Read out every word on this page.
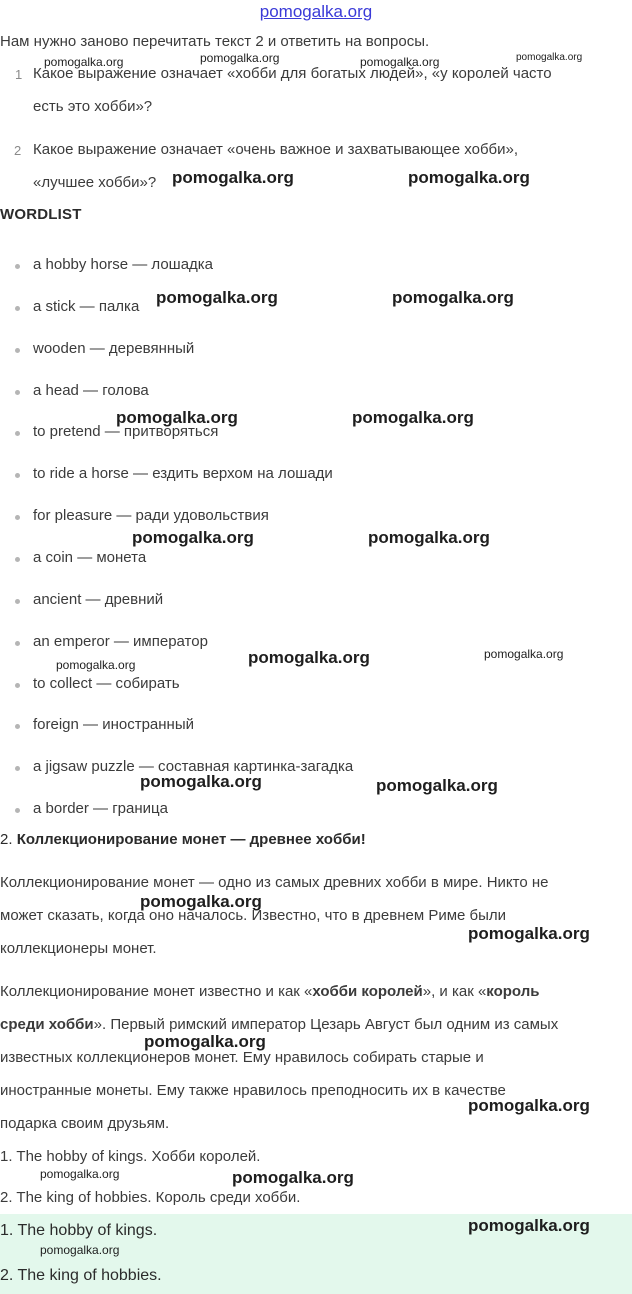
pomogalka.org
Нам нужно заново перечитать текст 2 и ответить на вопросы.
1 Какое выражение означает «хобби для богатых людей», «у королей часто
есть это хобби»?
2 Какое выражение означает «очень важное и захватывающее хобби»,
«лучшее хобби»?
WORDLIST
a hobby horse — лошадка
a stick — палка
wooden — деревянный
a head — голова
to pretend — притворяться
to ride a horse — ездить верхом на лошади
for pleasure — ради удовольствия
a coin — монета
ancient — древний
an emperor — император
to collect — собирать
foreign — иностранный
a jigsaw puzzle — составная картинка-загадка
a border — граница
2. Коллекционирование монет — древнее хобби!
Коллекционирование монет — одно из самых древних хобби в мире. Никто не
может сказать, когда оно началось. Известно, что в древнем Риме были
коллекционеры монет.
Коллекционирование монет известно и как «хобби королей», и как «король
среди хобби». Первый римский император Цезарь Август был одним из самых
известных коллекционеров монет. Ему нравилось собирать старые и
иностранные монеты. Ему также нравилось преподносить их в качестве
подарка своим друзьям.
1. The hobby of kings. Хобби королей.
2. The king of hobbies. Король среди хобби.
1. The hobby of kings.
2. The king of hobbies.
pomogalka.org	pomogalka.org	pomogalka.org	pomogalka.org
pomogalka.org	pomogalka.org
pomogalka.org	pomogalka.org
pomogalka.org	pomogalka.org
pomogalka.org	pomogalka.org
pomogalka.org
pomogalka.org
pomogalka.org
pomogalka.org	pomogalka.org
pomogalka.org
pomogalka.org
pomogalka.org
pomogalka.org
pomogalka.org	pomogalka.org
pomogalka.org
pomogalka.org
